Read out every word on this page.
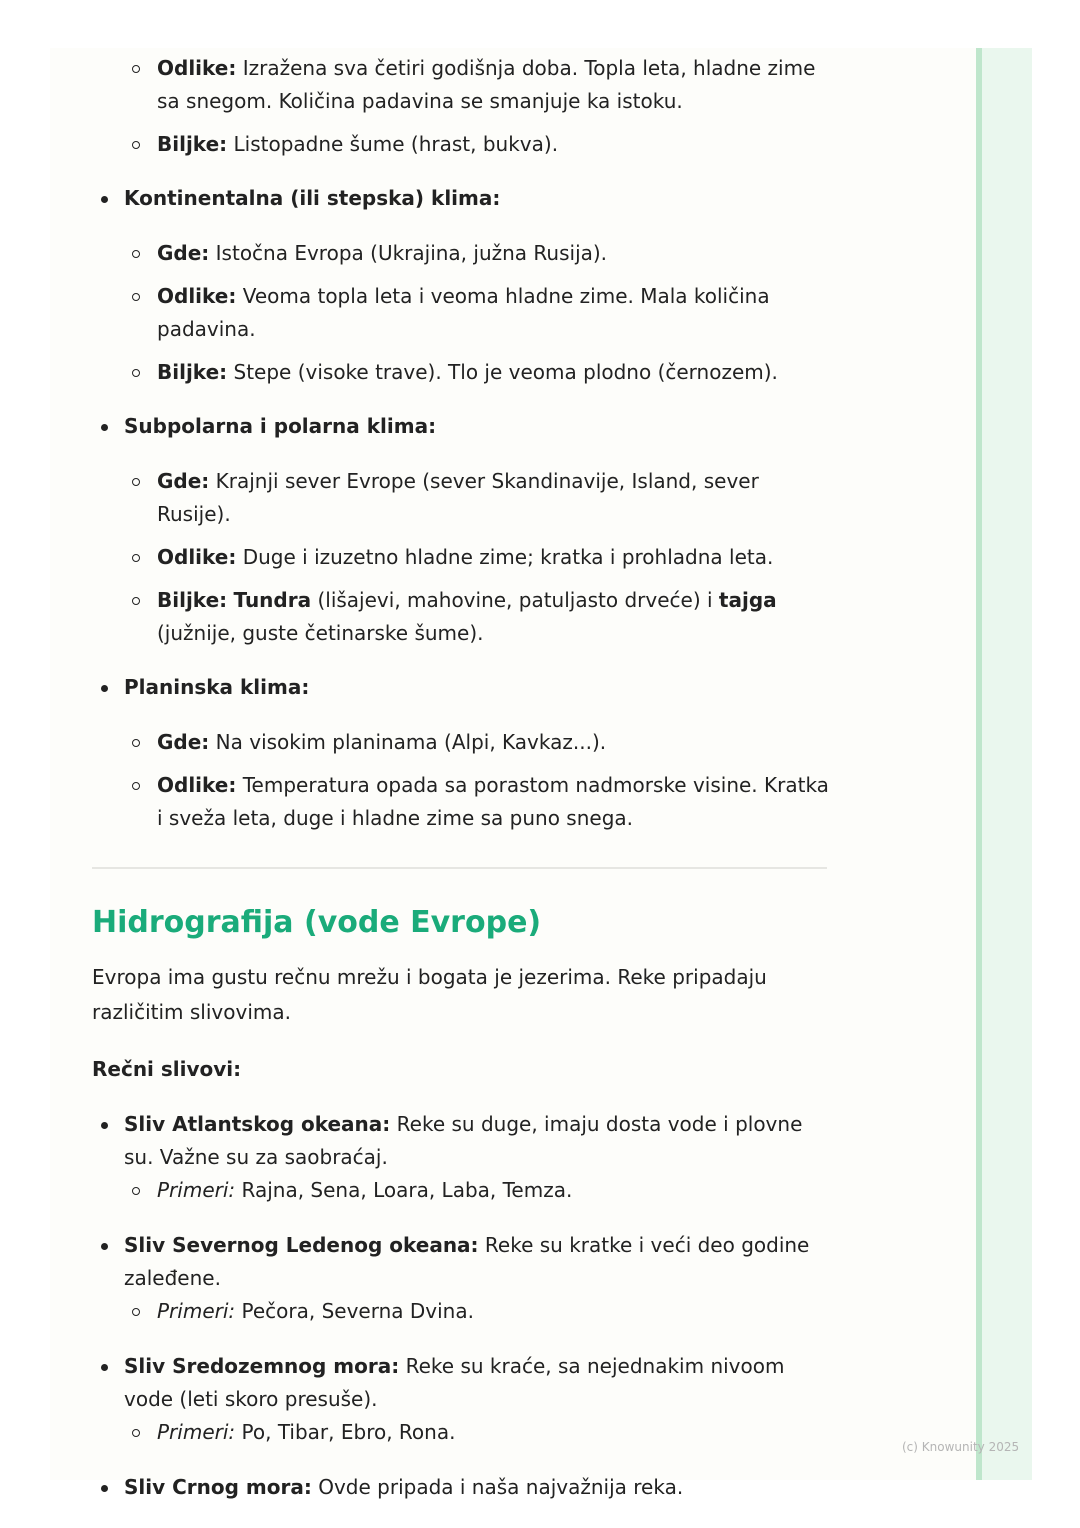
Odlike: Izražena sva četiri godišnja doba. Topla leta, hladne zime sa snegom. Količina padavina se smanjuje ka istoku.
Biljke: Listopadne šume (hrast, bukva).
Kontinentalna (ili stepska) klima:
Gde: Istočna Evropa (Ukrajina, južna Rusija).
Odlike: Veoma topla leta i veoma hladne zime. Mala količina padavina.
Biljke: Stepe (visoke trave). Tlo je veoma plodno (černozem).
Subpolarna i polarna klima:
Gde: Krajnji sever Evrope (sever Skandinavije, Island, sever Rusije).
Odlike: Duge i izuzetno hladne zime; kratka i prohladna leta.
Biljke: Tundra (lišajevi, mahovine, patuljasto drveće) i tajga (južnije, guste četinarske šume).
Planinska klima:
Gde: Na visokim planinama (Alpi, Kavkaz...).
Odlike: Temperatura opada sa porastom nadmorske visine. Kratka i sveža leta, duge i hladne zime sa puno snega.
Hidrografija (vode Evrope)

Evropa ima gustu rečnu mrežu i bogata je jezerima. Reke pripadaju različitim slivovima.

Rečni slivovi:

Sliv Atlantskog okeana: Reke su duge, imaju dosta vode i plovne su. Važne su za saobraćaj.
Primeri: Rajna, Sena, Loara, Laba, Temza.
Sliv Severnog Ledenog okeana: Reke su kratke i veći deo godine zaleđene.
Primeri: Pečora, Severna Dvina.
Sliv Sredozemnog mora: Reke su kraće, sa nejednakim nivoom vode (leti skoro presuše).
Primeri: Po, Tibar, Ebro, Rona.
Sliv Crnog mora: Ovde pripada i naša najvažnija reka.
(c) Knowunity 2025
